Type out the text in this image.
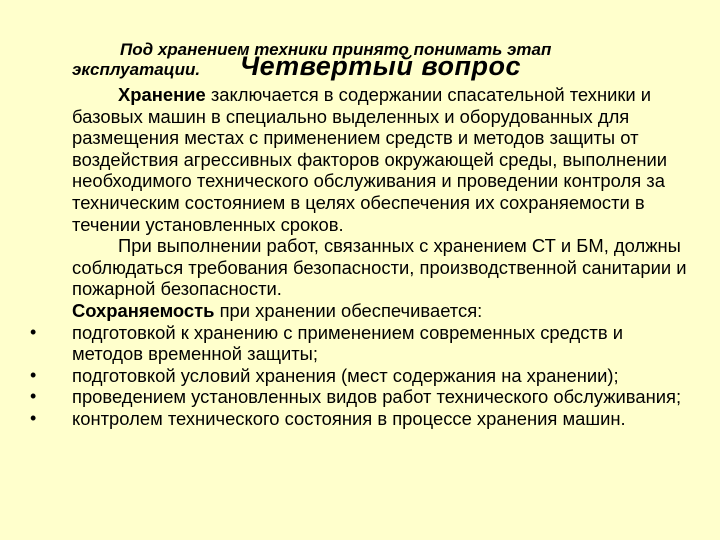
Под хранением техники принято понимать этап
эксплуатации.	Четвертый вопрос

Хранение заключается в содержании спасательной техники и базовых машин в специально выделенных и оборудованных для размещения местах с применением средств и методов защиты от воздействия агрессивных факторов окружающей среды, выполнении необходимого технического обслуживания и проведении контроля за техническим состоянием в целях обеспечения их сохраняемости в течении установленных сроков.

При выполнении работ, связанных с хранением СТ и БМ, должны соблюдаться требования безопасности, производственной санитарии и пожарной безопасности.

Сохраняемость при хранении обеспечивается:

• подготовкой к хранению с применением современных средств и методов временной защиты;
• подготовкой условий хранения (мест содержания на хранении);
• проведением установленных видов работ технического обслуживания;
• контролем технического состояния в процессе хранения машин.
